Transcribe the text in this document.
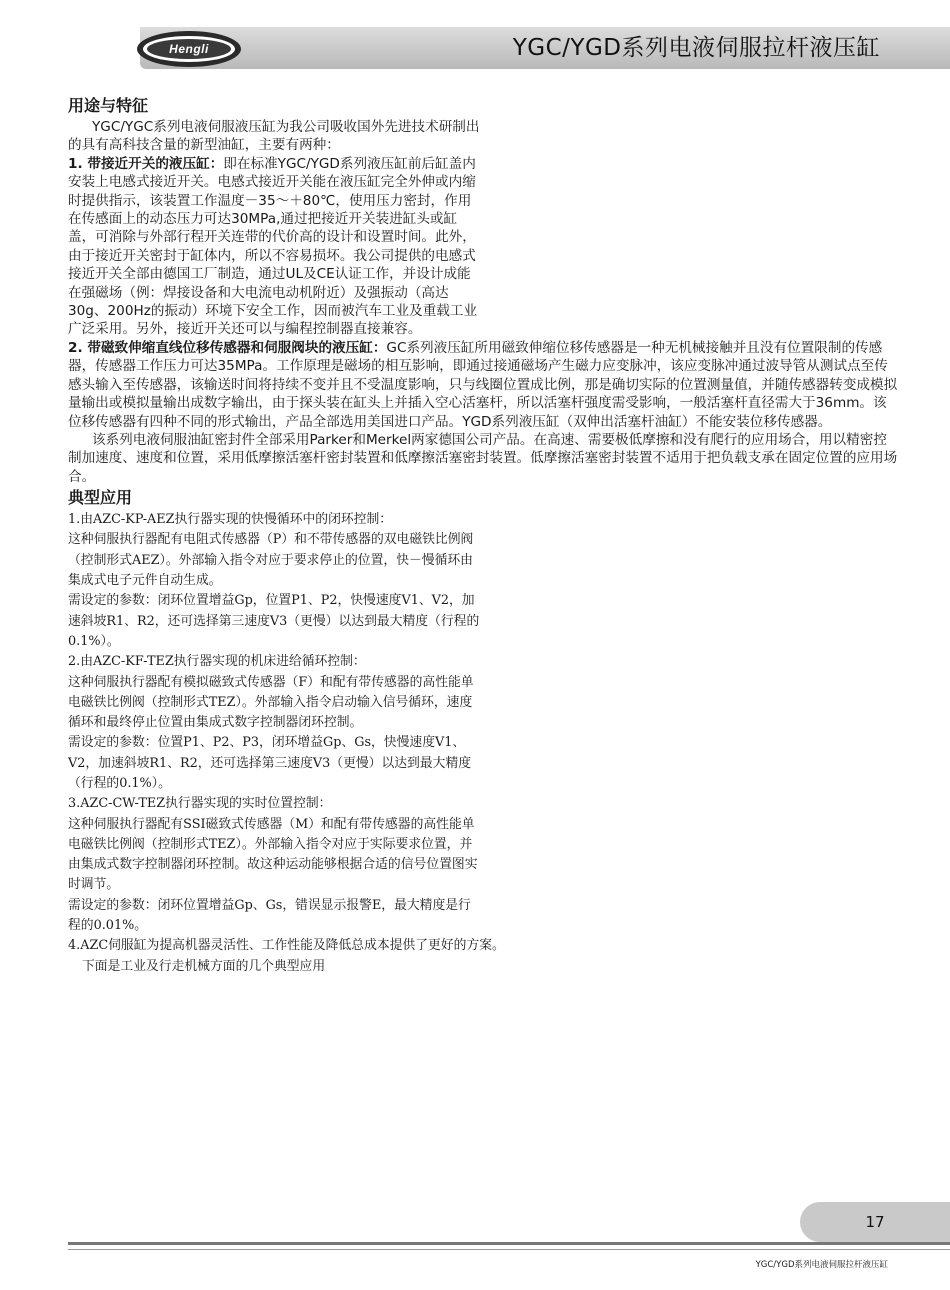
Hengli	YGC/YGD系列电液伺服拉杆液压缸
用途与特征

YGC/YGC系列电液伺服液压缸为我公司吸收国外先进技术研制出的具有高科技含量的新型油缸，主要有两种：

1. 带接近开关的液压缸：即在标准YGC/YGD系列液压缸前后缸盖内安装上电感式接近开关。电感式接近开关能在液压缸完全外伸或内缩时提供指示，该装置工作温度－35～＋80℃，使用压力密封，作用在传感面上的动态压力可达30MPa,通过把接近开关装进缸头或缸盖，可消除与外部行程开关连带的代价高的设计和设置时间。此外，由于接近开关密封于缸体内，所以不容易损坏。我公司提供的电感式接近开关全部由德国工厂制造，通过UL及CE认证工作，并设计成能在强磁场（例：焊接设备和大电流电动机附近）及强振动（高达30g、200Hz的振动）环境下安全工作，因而被汽车工业及重载工业广泛采用。另外，接近开关还可以与编程控制器直接兼容。

2. 带磁致伸缩直线位移传感器和伺服阀块的液压缸：GC系列液压缸所用磁致伸缩位移传感器是一种无机械接触并且没有位置限制的传感器，传感器工作压力可达35MPa。工作原理是磁场的相互影响，即通过接通磁场产生磁力应变脉冲，该应变脉冲通过波导管从测试点至传感头输入至传感器，该输送时间将持续不变并且不受温度影响，只与线圈位置成比例，那是确切实际的位置测量值，并随传感器转变成模拟量输出或模拟量输出成数字输出，由于探头装在缸头上并插入空心活塞杆，所以活塞杆强度需受影响，一般活塞杆直径需大于36mm。该位移传感器有四种不同的形式输出，产品全部选用美国进口产品。YGD系列液压缸（双伸出活塞杆油缸）不能安装位移传感器。

该系列电液伺服油缸密封件全部采用Parker和Merkel两家德国公司产品。在高速、需要极低摩擦和没有爬行的应用场合，用以精密控制加速度、速度和位置，采用低摩擦活塞杆密封装置和低摩擦活塞密封装置。低摩擦活塞密封装置不适用于把负载支承在固定位置的应用场合。

典型应用

1.由AZC-KP-AEZ执行器实现的快慢循环中的闭环控制：

这种伺服执行器配有电阻式传感器（P）和不带传感器的双电磁铁比例阀（控制形式AEZ）。外部输入指令对应于要求停止的位置，快－慢循环由集成式电子元件自动生成。

需设定的参数：闭环位置增益Gp，位置P1、P2，快慢速度V1、V2，加速斜坡R1、R2，还可选择第三速度V3（更慢）以达到最大精度（行程的0.1%）。

2.由AZC-KF-TEZ执行器实现的机床进给循环控制：

这种伺服执行器配有模拟磁致式传感器（F）和配有带传感器的高性能单电磁铁比例阀（控制形式TEZ）。外部输入指令启动输入信号循环，速度循环和最终停止位置由集成式数字控制器闭环控制。

需设定的参数：位置P1、P2、P3，闭环增益Gp、Gs，快慢速度V1、V2，加速斜坡R1、R2，还可选择第三速度V3（更慢）以达到最大精度（行程的0.1%）。

3.AZC-CW-TEZ执行器实现的实时位置控制：

这种伺服执行器配有SSI磁致式传感器（M）和配有带传感器的高性能单电磁铁比例阀（控制形式TEZ）。外部输入指令对应于实际要求位置，并由集成式数字控制器闭环控制。故这种运动能够根据合适的信号位置图实时调节。

需设定的参数：闭环位置增益Gp、Gs，错误显示报警E，最大精度是行程的0.01%。

4.AZC伺服缸为提高机器灵活性、工作性能及降低总成本提供了更好的方案。

下面是工业及行走机械方面的几个典型应用

17
YGC/YGD系列电液伺服拉杆液压缸
